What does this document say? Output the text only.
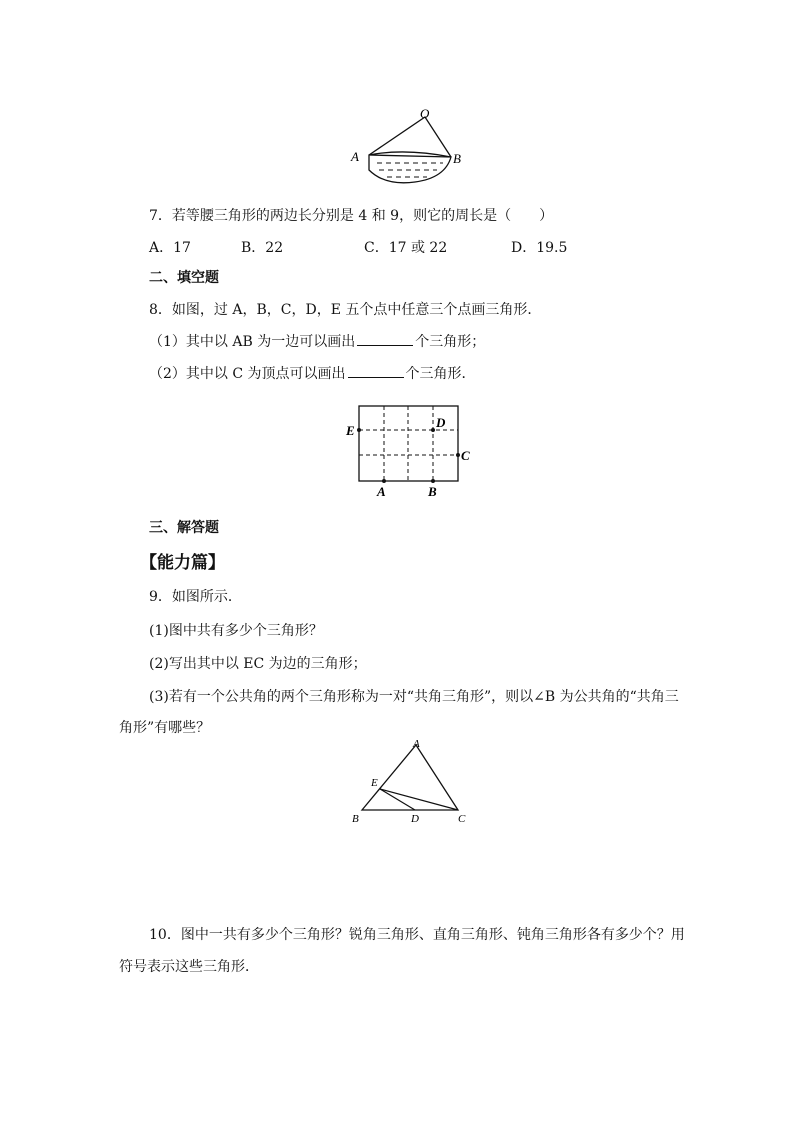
O
A	B
7．若等腰三角形的两边长分别是 4 和 9，则它的周长是（　　）
A．17	B．22	C．17 或 22	D．19.5
二、填空题
8．如图，过 A，B，C，D，E 五个点中任意三个点画三角形．
（1）其中以 AB 为一边可以画出	个三角形；
（2）其中以 C 为顶点可以画出	个三角形．
E
D
C
A	B
三、解答题
【能力篇】
9．如图所示．
(1)图中共有多少个三角形？
(2)写出其中以 EC 为边的三角形；
(3)若有一个公共角的两个三角形称为一对“共角三角形”，则以∠B 为公共角的“共角三
角形”有哪些？
A
E
B	D	C
10．图中一共有多少个三角形？锐角三角形、直角三角形、钝角三角形各有多少个？用
符号表示这些三角形．
